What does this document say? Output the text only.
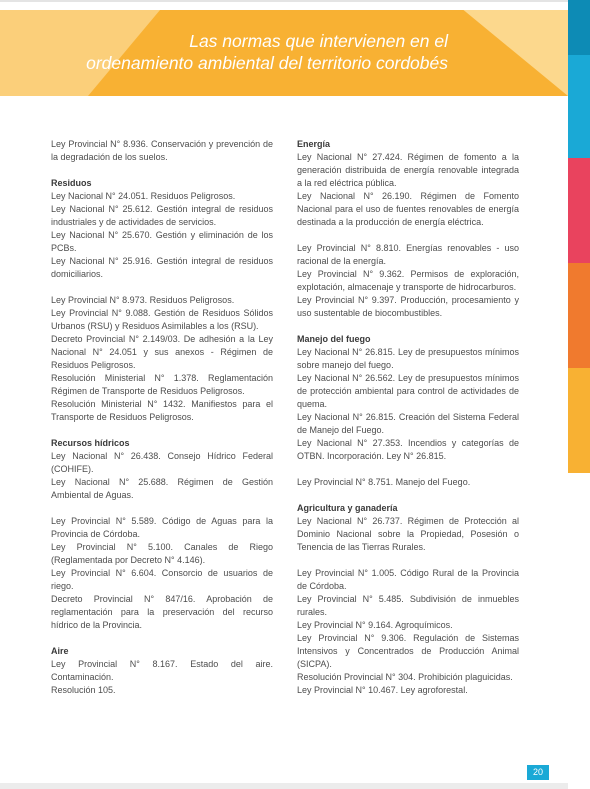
Las normas que intervienen en el
ordenamiento ambiental del territorio cordobés

Ley Provincial N° 8.936. Conservación y prevención de la degradación de los suelos.

Residuos

Ley Nacional N° 24.051. Residuos Peligrosos.

Ley Nacional N° 25.612. Gestión integral de residuos industriales y de actividades de servicios.

Ley Nacional N° 25.670. Gestión y eliminación de los PCBs.

Ley Nacional N° 25.916. Gestión integral de residuos domiciliarios.

Ley Provincial N° 8.973. Residuos Peligrosos.

Ley Provincial N° 9.088. Gestión de Residuos Sólidos Urbanos (RSU) y Residuos Asimilables a los (RSU).

Decreto Provincial N° 2.149/03. De adhesión a la Ley Nacional N° 24.051 y sus anexos - Régimen de Residuos Peligrosos.

Resolución Ministerial N° 1.378. Reglamentación Régimen de Transporte de Residuos Peligrosos.

Resolución Ministerial N° 1432. Manifiestos para el Transporte de Residuos Peligrosos.

Recursos hídricos

Ley Nacional N° 26.438. Consejo Hídrico Federal (COHIFE).

Ley Nacional N° 25.688. Régimen de Gestión Ambiental de Aguas.

Ley Provincial N° 5.589. Código de Aguas para la Provincia de Córdoba.

Ley Provincial N° 5.100. Canales de Riego (Reglamentada por Decreto N° 4.146).

Ley Provincial N° 6.604. Consorcio de usuarios de riego.

Decreto Provincial N° 847/16. Aprobación de reglamentación para la preservación del recurso hídrico de la Provincia.

Aire

Ley Provincial N° 8.167. Estado del aire. Contaminación.

Resolución 105.

Energía

Ley Nacional N° 27.424. Régimen de fomento a la generación distribuida de energía renovable integrada a la red eléctrica pública.

Ley Nacional N° 26.190. Régimen de Fomento Nacional para el uso de fuentes renovables de energía destinada a la producción de energía eléctrica.

Ley Provincial N° 8.810. Energías renovables - uso racional de la energía.

Ley Provincial N° 9.362. Permisos de exploración, explotación, almacenaje y transporte de hidrocarburos.

Ley Provincial N° 9.397. Producción, procesamiento y uso sustentable de biocombustibles.

Manejo del fuego

Ley Nacional N° 26.815. Ley de presupuestos mínimos sobre manejo del fuego.

Ley Nacional N° 26.562. Ley de presupuestos mínimos de protección ambiental para control de actividades de quema.

Ley Nacional N° 26.815. Creación del Sistema Federal de Manejo del Fuego.

Ley Nacional N° 27.353. Incendios y categorías de OTBN. Incorporación. Ley N° 26.815.

Ley Provincial N° 8.751. Manejo del Fuego.

Agricultura y ganadería

Ley Nacional N° 26.737. Régimen de Protección al Dominio Nacional sobre la Propiedad, Posesión o Tenencia de las Tierras Rurales.

Ley Provincial N° 1.005. Código Rural de la Provincia de Córdoba.

Ley Provincial N° 5.485. Subdivisión de inmuebles rurales.

Ley Provincial N° 9.164. Agroquímicos.

Ley Provincial N° 9.306. Regulación de Sistemas Intensivos y Concentrados de Producción Animal (SICPA).

Resolución Provincial N° 304. Prohibición plaguicidas.

Ley Provincial N° 10.467. Ley agroforestal.

20
